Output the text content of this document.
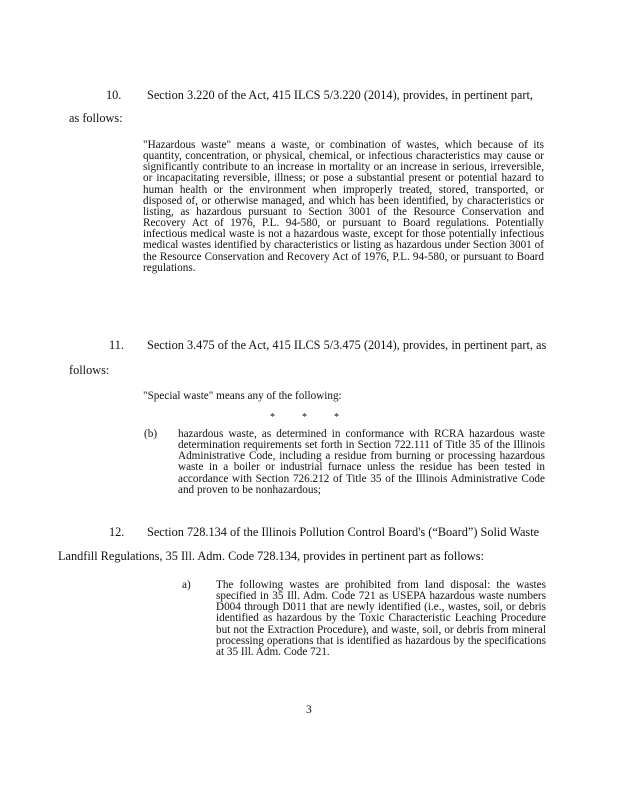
10. Section 3.220 of the Act, 415 ILCS 5/3.220 (2014), provides, in pertinent part,
as follows:

"Hazardous waste" means a waste, or combination of wastes, which because of its quantity, concentration, or physical, chemical, or infectious characteristics may cause or significantly contribute to an increase in mortality or an increase in serious, irreversible, or incapacitating reversible, illness; or pose a substantial present or potential hazard to human health or the environment when improperly treated, stored, transported, or disposed of, or otherwise managed, and which has been identified, by characteristics or listing, as hazardous pursuant to Section 3001 of the Resource Conservation and Recovery Act of 1976, P.L. 94-580, or pursuant to Board regulations. Potentially infectious medical waste is not a hazardous waste, except for those potentially infectious medical wastes identified by characteristics or listing as hazardous under Section 3001 of the Resource Conservation and Recovery Act of 1976, P.L. 94-580, or pursuant to Board regulations.

11. Section 3.475 of the Act, 415 ILCS 5/3.475 (2014), provides, in pertinent part, as
follows:
"Special waste" means any of the following:
*	*	*
(b)	hazardous waste, as determined in conformance with RCRA hazardous waste determination requirements set forth in Section 722.111 of Title 35 of the Illinois Administrative Code, including a residue from burning or processing hazardous waste in a boiler or industrial furnace unless the residue has been tested in accordance with Section 726.212 of Title 35 of the Illinois Administrative Code and proven to be nonhazardous;

12. Section 728.134 of the Illinois Pollution Control Board's (“Board”) Solid Waste
Landfill Regulations, 35 Ill. Adm. Code 728.134, provides in pertinent part as follows:
a)	The following wastes are prohibited from land disposal: the wastes specified in 35 Ill. Adm. Code 721 as USEPA hazardous waste numbers D004 through D011 that are newly identified (i.e., wastes, soil, or debris identified as hazardous by the Toxic Characteristic Leaching Procedure but not the Extraction Procedure), and waste, soil, or debris from mineral processing operations that is identified as hazardous by the specifications at 35 Ill. Adm. Code 721.

3
